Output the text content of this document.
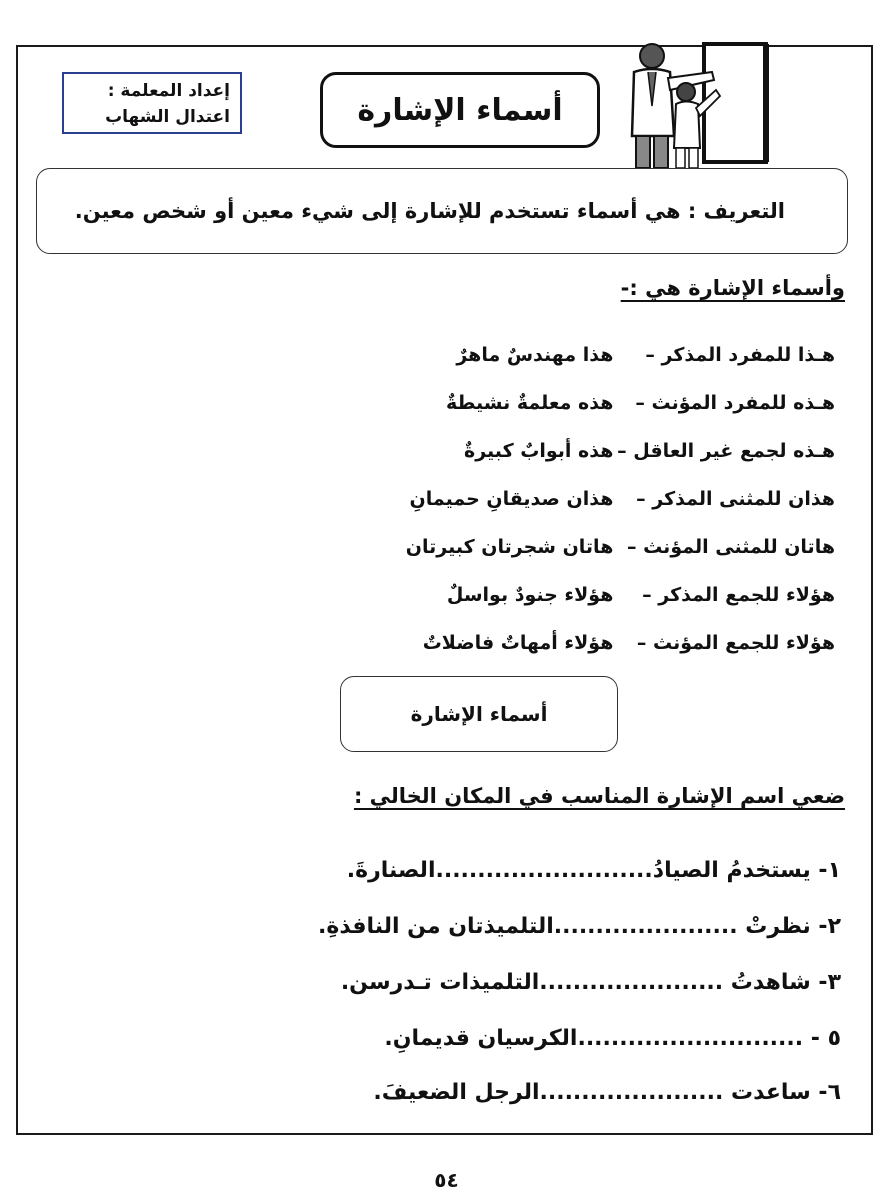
إعداد المعلمة :
اعتدال الشهاب	أسماء الإشارة
التعريف : هي أسماء تستخدم للإشارة إلى شيء معين أو شخص معين.
وأسماء الإشارة هي :-
هـذا للمفرد المذكر – هذا مهندسٌ ماهرٌ
هـذه للمفرد المؤنث – هذه معلمةٌ نشيطةٌ
هـذه لجمع غير العاقل – هذه أبوابٌ كبيرةٌ
هذان للمثنى المذكر – هذان صديقانِ حميمانِ
هاتان للمثنى المؤنث – هاتان شجرتان كبيرتان
هؤلاء للجمع المذكر – هؤلاء جنودٌ بواسلٌ
هؤلاء للجمع المؤنث – هؤلاء أمهاتٌ فاضلاتٌ
أسماء الإشارة
ضعي اسم الإشارة المناسب في المكان الخالي :
١- يستخدمُ الصيادُ..........................الصنارةَ.
٢- نظرتْ ......................التلميذتان من النافذةِ.
٣- شاهدتُ ......................التلميذات تـدرسن.
٥ - ...........................الكرسيان قديمانِ.
٦- ساعدت ......................الرجل الضعيفَ.
٥٤
